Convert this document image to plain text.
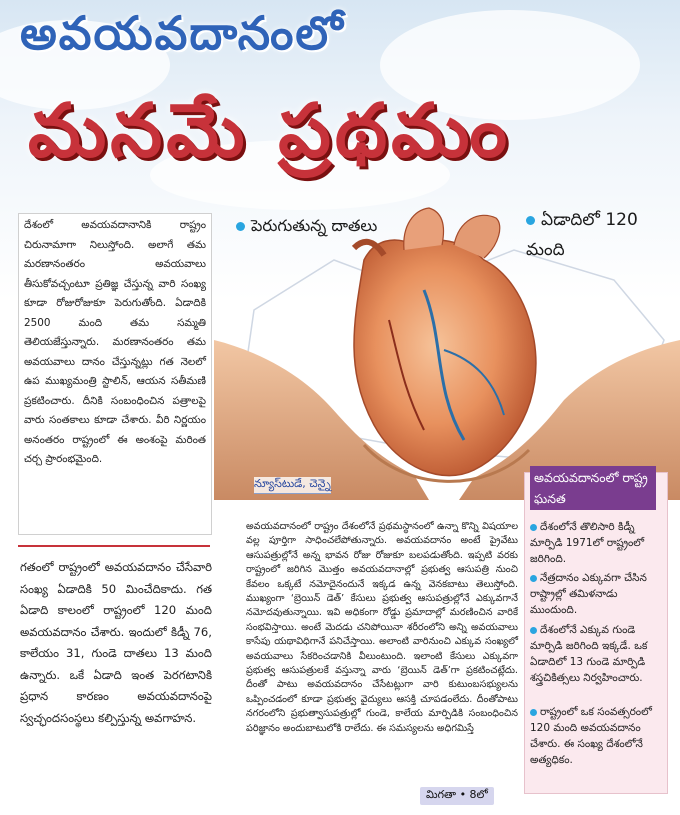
అవయవదానంలో
మనమే ప్రథమం
దేశంలో అవయవదానానికి రాష్ట్రం చిరునామాగా నిలుస్తోంది. అలాగే తమ మరణానంతరం అవయవాలు తీసుకోవచ్చంటూ ప్రతిజ్ఞ చేస్తున్న వారి సంఖ్య కూడా రోజురోజుకూ పెరుగుతోంది. ఏడాదికి 2500 మంది తమ సమ్మతి తెలియజేస్తున్నారు. మరణానంతరం తమ అవయవాలు దానం చేస్తున్నట్లు గత నెలలో ఉప ముఖ్యమంత్రి స్టాలిన్, ఆయన సతీమణి ప్రకటించారు. దీనికి సంబంధించిన పత్రాలపై వారు సంతకాలు కూడా చేశారు. వీరి నిర్ణయం అనంతరం రాష్ట్రంలో ఈ అంశంపై మరింత చర్చ ప్రారంభమైంది.
గతంలో రాష్ట్రంలో అవయవదానం చేసేవారి సంఖ్య ఏడాదికి 50 మించేదికాదు. గత ఏడాది కాలంలో రాష్ట్రంలో 120 మంది అవయవదానం చేశారు. ఇందులో కిడ్నీ 76, కాలేయం 31, గుండె దాతలు 13 మంది ఉన్నారు. ఒకే ఏడాది ఇంత పెరగటానికి ప్రధాన కారణం అవయవదానంపై స్వచ్ఛందసంస్థలు కల్పిస్తున్న అవగాహన.
పెరుగుతున్న దాతలు	ఏడాదిలో 120 మంది
న్యూస్‌టుడే, చెన్నై
అవయవదానంలో రాష్ట్రం దేశంలోనే ప్రథమస్థానంలో ఉన్నా కొన్ని విషయాల వల్ల పూర్తిగా సాధించలేపోతున్నారు. అవయవదానం అంటే ప్రైవేటు ఆసుపత్రుల్లోనే అన్న భావన రోజు రోజుకూ బలపడుతోంది. ఇప్పటి వరకు రాష్ట్రంలో జరిగిన మొత్తం అవయవదానాల్లో ప్రభుత్వ ఆసుపత్రి నుంచి కేవలం ఒక్కటే నమోదైనందునే ఇక్కడ ఉన్న వెనకబాటు తెలుస్తోంది. ముఖ్యంగా ‘బ్రెయిన్ డెత్’ కేసులు ప్రభుత్వ ఆసుపత్రుల్లోనే ఎక్కువగానే నమోదవుతున్నాయి. ఇవి అధికంగా రోడ్డు ప్రమాదాల్లో మరణించిన వారికే సంభవిస్తాయి. అంటే మెదడు చనిపోయినా శరీరంలోని అన్ని అవయవాలు కాసేపు యథావిధిగానే పనిచేస్తాయి. అలాంటి వారినుంచి ఎక్కువ సంఖ్యలో అవయవాలు సేకరించడానికి వీలుంటుంది. ఇలాంటి కేసులు ఎక్కువగా ప్రభుత్వ ఆసుపత్రులకే వస్తున్నా వారు ‘బ్రెయిన్ డెత్’గా ప్రకటించట్లేదు. దీంతో పాటు అవయవదానం చేసేటట్లుగా వారి కుటుంబసభ్యులను ఒప్పించడంలో కూడా ప్రభుత్వ వైద్యులు ఆసక్తి చూపడంలేదు. దీంతోపాటు నగరంలోని ప్రభుత్వాసుపత్రుల్లో గుండె, కాలేయ మార్పిడికి సంబంధించిన పరిజ్ఞానం అందుబాటులోకి రాలేదు. ఈ సమస్యలను అధిగమిస్తే
మిగతా • 8లో
అవయవదానంలో రాష్ట్ర ఘనత
దేశంలోనే తొలిసారి కిడ్నీ మార్పిడి 1971లో రాష్ట్రంలో జరిగింది.
నేత్రదానం ఎక్కువగా చేసిన రాష్ట్రాల్లో తమిళనాడు ముందుంది.
దేశంలోనే ఎక్కువ గుండె మార్పిడి జరిగింది ఇక్కడే. ఒక ఏడాదిలో 13 గుండె మార్పిడి శస్త్రచికిత్సలు నిర్వహించారు.
రాష్ట్రంలో ఒక సంవత్సరంలో 120 మంది అవయవదానం చేశారు. ఈ సంఖ్య దేశంలోనే అత్యధికం.
